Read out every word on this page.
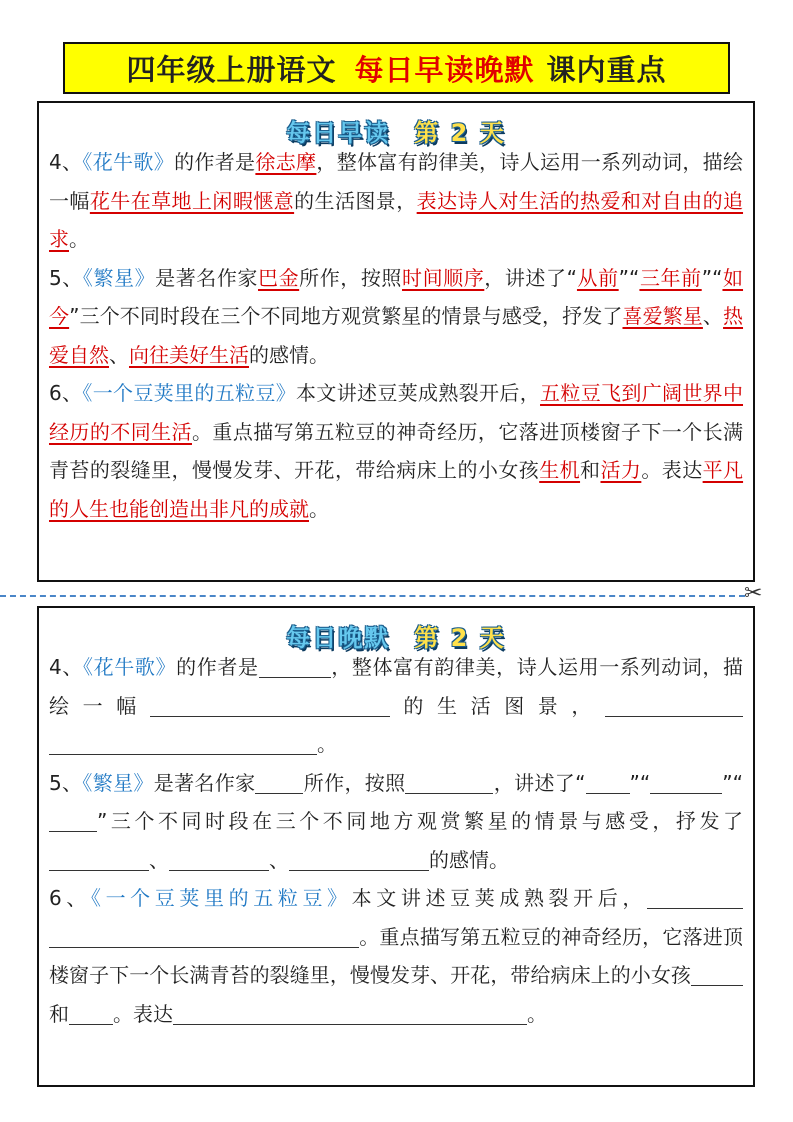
四年级上册语文 每日早读晚默 课内重点
每日早读 第 2 天

4、《花牛歌》的作者是徐志摩，整体富有韵律美，诗人运用一系列动词，描绘一幅花牛在草地上闲暇惬意的生活图景，表达诗人对生活的热爱和对自由的追求。

5、《繁星》是著名作家巴金所作，按照时间顺序，讲述了“从前”“三年前”“如今”三个不同时段在三个不同地方观赏繁星的情景与感受，抒发了喜爱繁星、热爱自然、向往美好生活的感情。

6、《一个豆荚里的五粒豆》本文讲述豆荚成熟裂开后，五粒豆飞到广阔世界中经历的不同生活。重点描写第五粒豆的神奇经历，它落进顶楼窗子下一个长满青苔的裂缝里，慢慢发芽、开花，带给病床上的小女孩生机和活力。表达平凡的人生也能创造出非凡的成就。

✂
每日晚默 第 2 天

4、《花牛歌》的作者是	，整体富有韵律美，诗人运用一系列动词，描绘一幅	的生活图景，。

5、《繁星》是著名作家 所作，按照	，讲述了“ ”“	”“”三个不同时段在三个不同地方观赏繁星的情景与感受，抒发了、	、	的感情。

6、《一个豆荚里的五粒豆》本文讲述豆荚成熟裂开后，。重点描写第五粒豆的神奇经历，它落进顶楼窗子下一个长满青苔的裂缝里，慢慢发芽、开花，带给病床上的小女孩和 。表达	。
